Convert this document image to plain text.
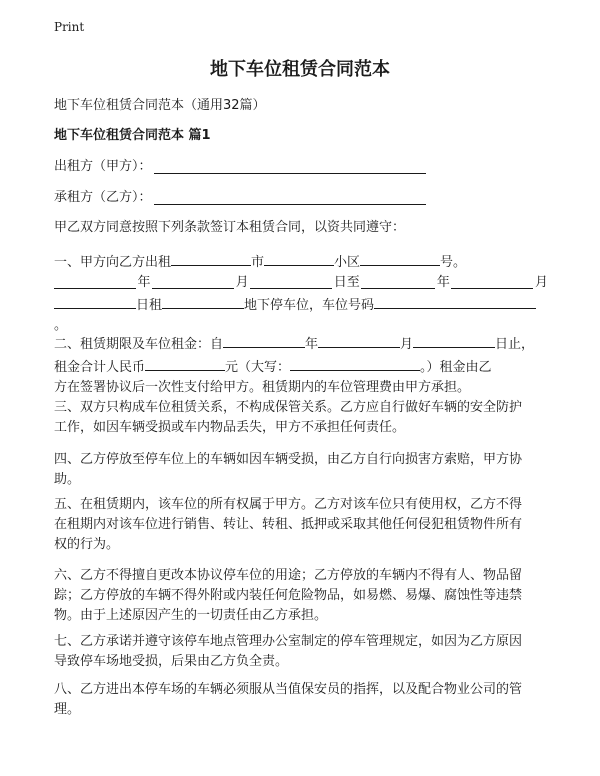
Print
地下车位租赁合同范本
地下车位租赁合同范本（通用32篇）
地下车位租赁合同范本 篇1
出租方（甲方）：
承租方（乙方）：

甲乙双方同意按照下列条款签订本租赁合同，以资共同遵守：

一、甲方向乙方出租	市	小区	号。
年	月	日至	年	月
日租	地下停车位，车位号码
。
二、租赁期限及车位租金：自	年	月	日止，
租金合计人民币	元（大写：	。）租金由乙
方在签署协议后一次性支付给甲方。租赁期内的车位管理费由甲方承担。
三、双方只构成车位租赁关系，不构成保管关系。乙方应自行做好车辆的安全防护
工作，如因车辆受损或车内物品丢失，甲方不承担任何责任。
四、乙方停放至停车位上的车辆如因车辆受损，由乙方自行向损害方索赔，甲方协
助。
五、在租赁期内，该车位的所有权属于甲方。乙方对该车位只有使用权，乙方不得
在租期内对该车位进行销售、转让、转租、抵押或采取其他任何侵犯租赁物件所有
权的行为。
六、乙方不得擅自更改本协议停车位的用途；乙方停放的车辆内不得有人、物品留
踪；乙方停放的车辆不得外附或内装任何危险物品，如易燃、易爆、腐蚀性等违禁
物。由于上述原因产生的一切责任由乙方承担。
七、乙方承诺并遵守该停车地点管理办公室制定的停车管理规定，如因为乙方原因
导致停车场地受损，后果由乙方负全责。
八、乙方进出本停车场的车辆必须服从当值保安员的指挥，以及配合物业公司的管
理。
